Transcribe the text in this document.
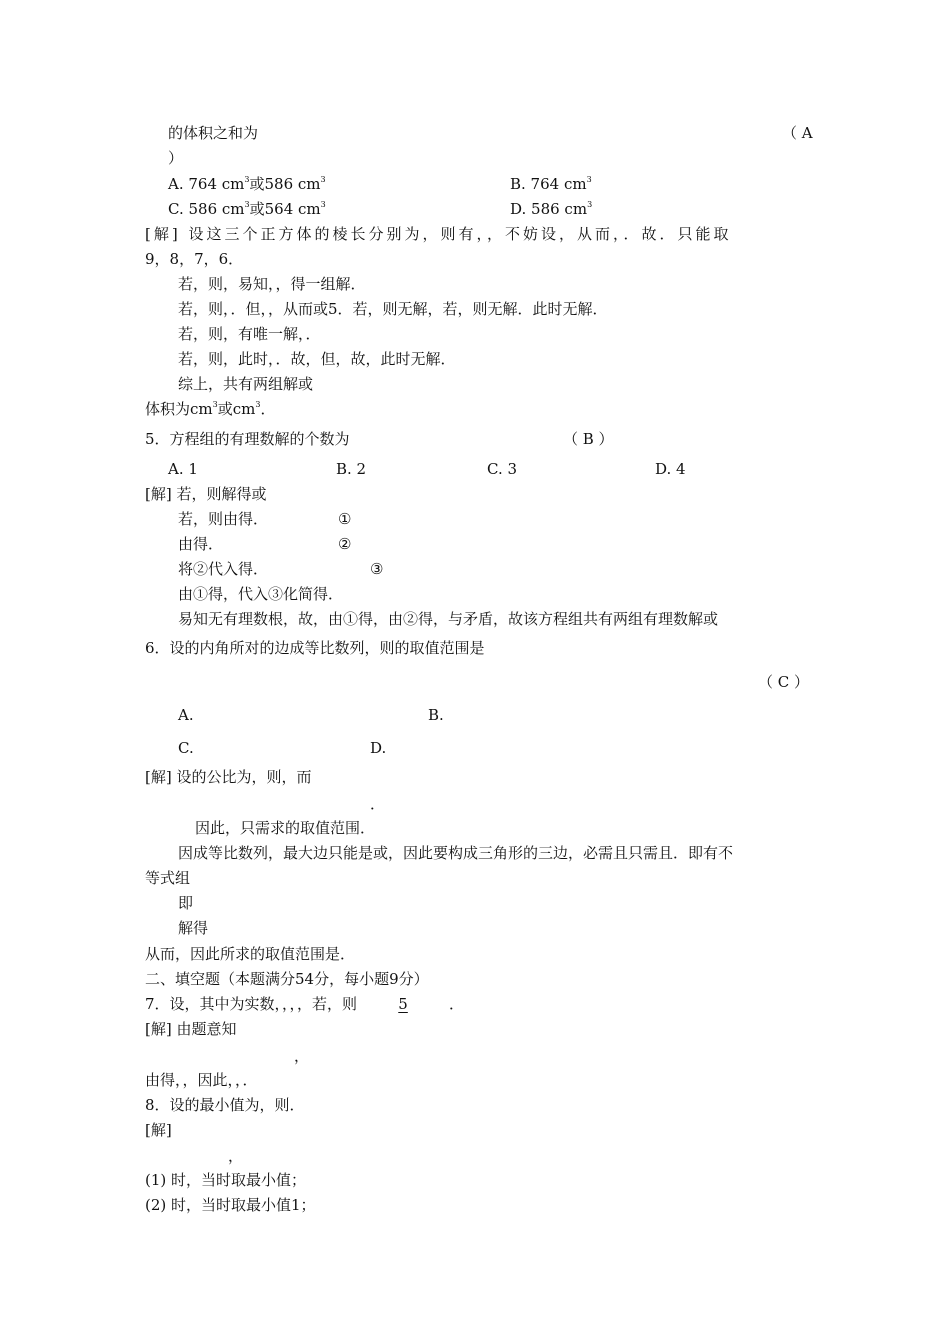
的体积之和为	（ A
）
A. 764 $cm^3$或586 $cm^3$	B. 764 $cm^3$
C. 586 $cm^3$或564 $cm^3$	D. 586 $cm^3$
[解] 设这三个正方体的棱长分别为，则有，，不妨设，从而，．故．只能取
9，8，7，6．
若，则，易知，，得一组解．
若，则，．但，，从而或5．若，则无解，若，则无解．此时无解．
若，则，有唯一解，．
若，则，此时，．故，但，故，此时无解．
综上，共有两组解或
体积为$cm^3$或$cm^3$．
5．方程组的有理数解的个数为	（ B ）
A. 1	B. 2	C. 3	D. 4
[解] 若，则解得或
若，则由得．	①
由得．	②
将②代入得．	③
由①得，代入③化简得．
易知无有理数根，故，由①得，由②得，与矛盾，故该方程组共有两组有理数解或
6．设的内角所对的边成等比数列，则的取值范围是
（ C ）
A.	B.
C.	D.
[解] 设的公比为，则，而
．
因此，只需求的取值范围．
因成等比数列，最大边只能是或，因此要构成三角形的三边，必需且只需且．即有不
等式组
即
解得
从而，因此所求的取值范围是．
二、填空题（本题满分54分，每小题9分）
7．设，其中为实数，，，，若，则	5	．
[解] 由题意知
，
由得，，因此，，．
8．设的最小值为，则．
[解]
，
(1) 时，当时取最小值；
(2) 时，当时取最小值1；
